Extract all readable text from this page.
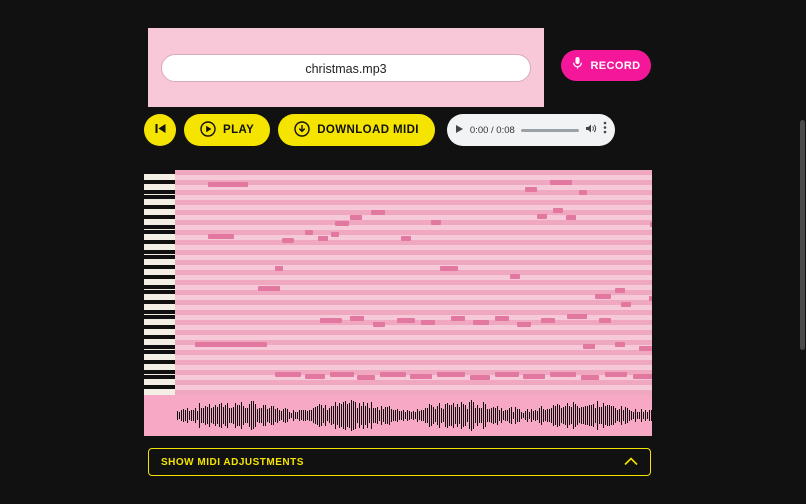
christmas.mp3	RECORD
PLAY	DOWNLOAD MIDI	0:00 / 0:08
SHOW MIDI ADJUSTMENTS
